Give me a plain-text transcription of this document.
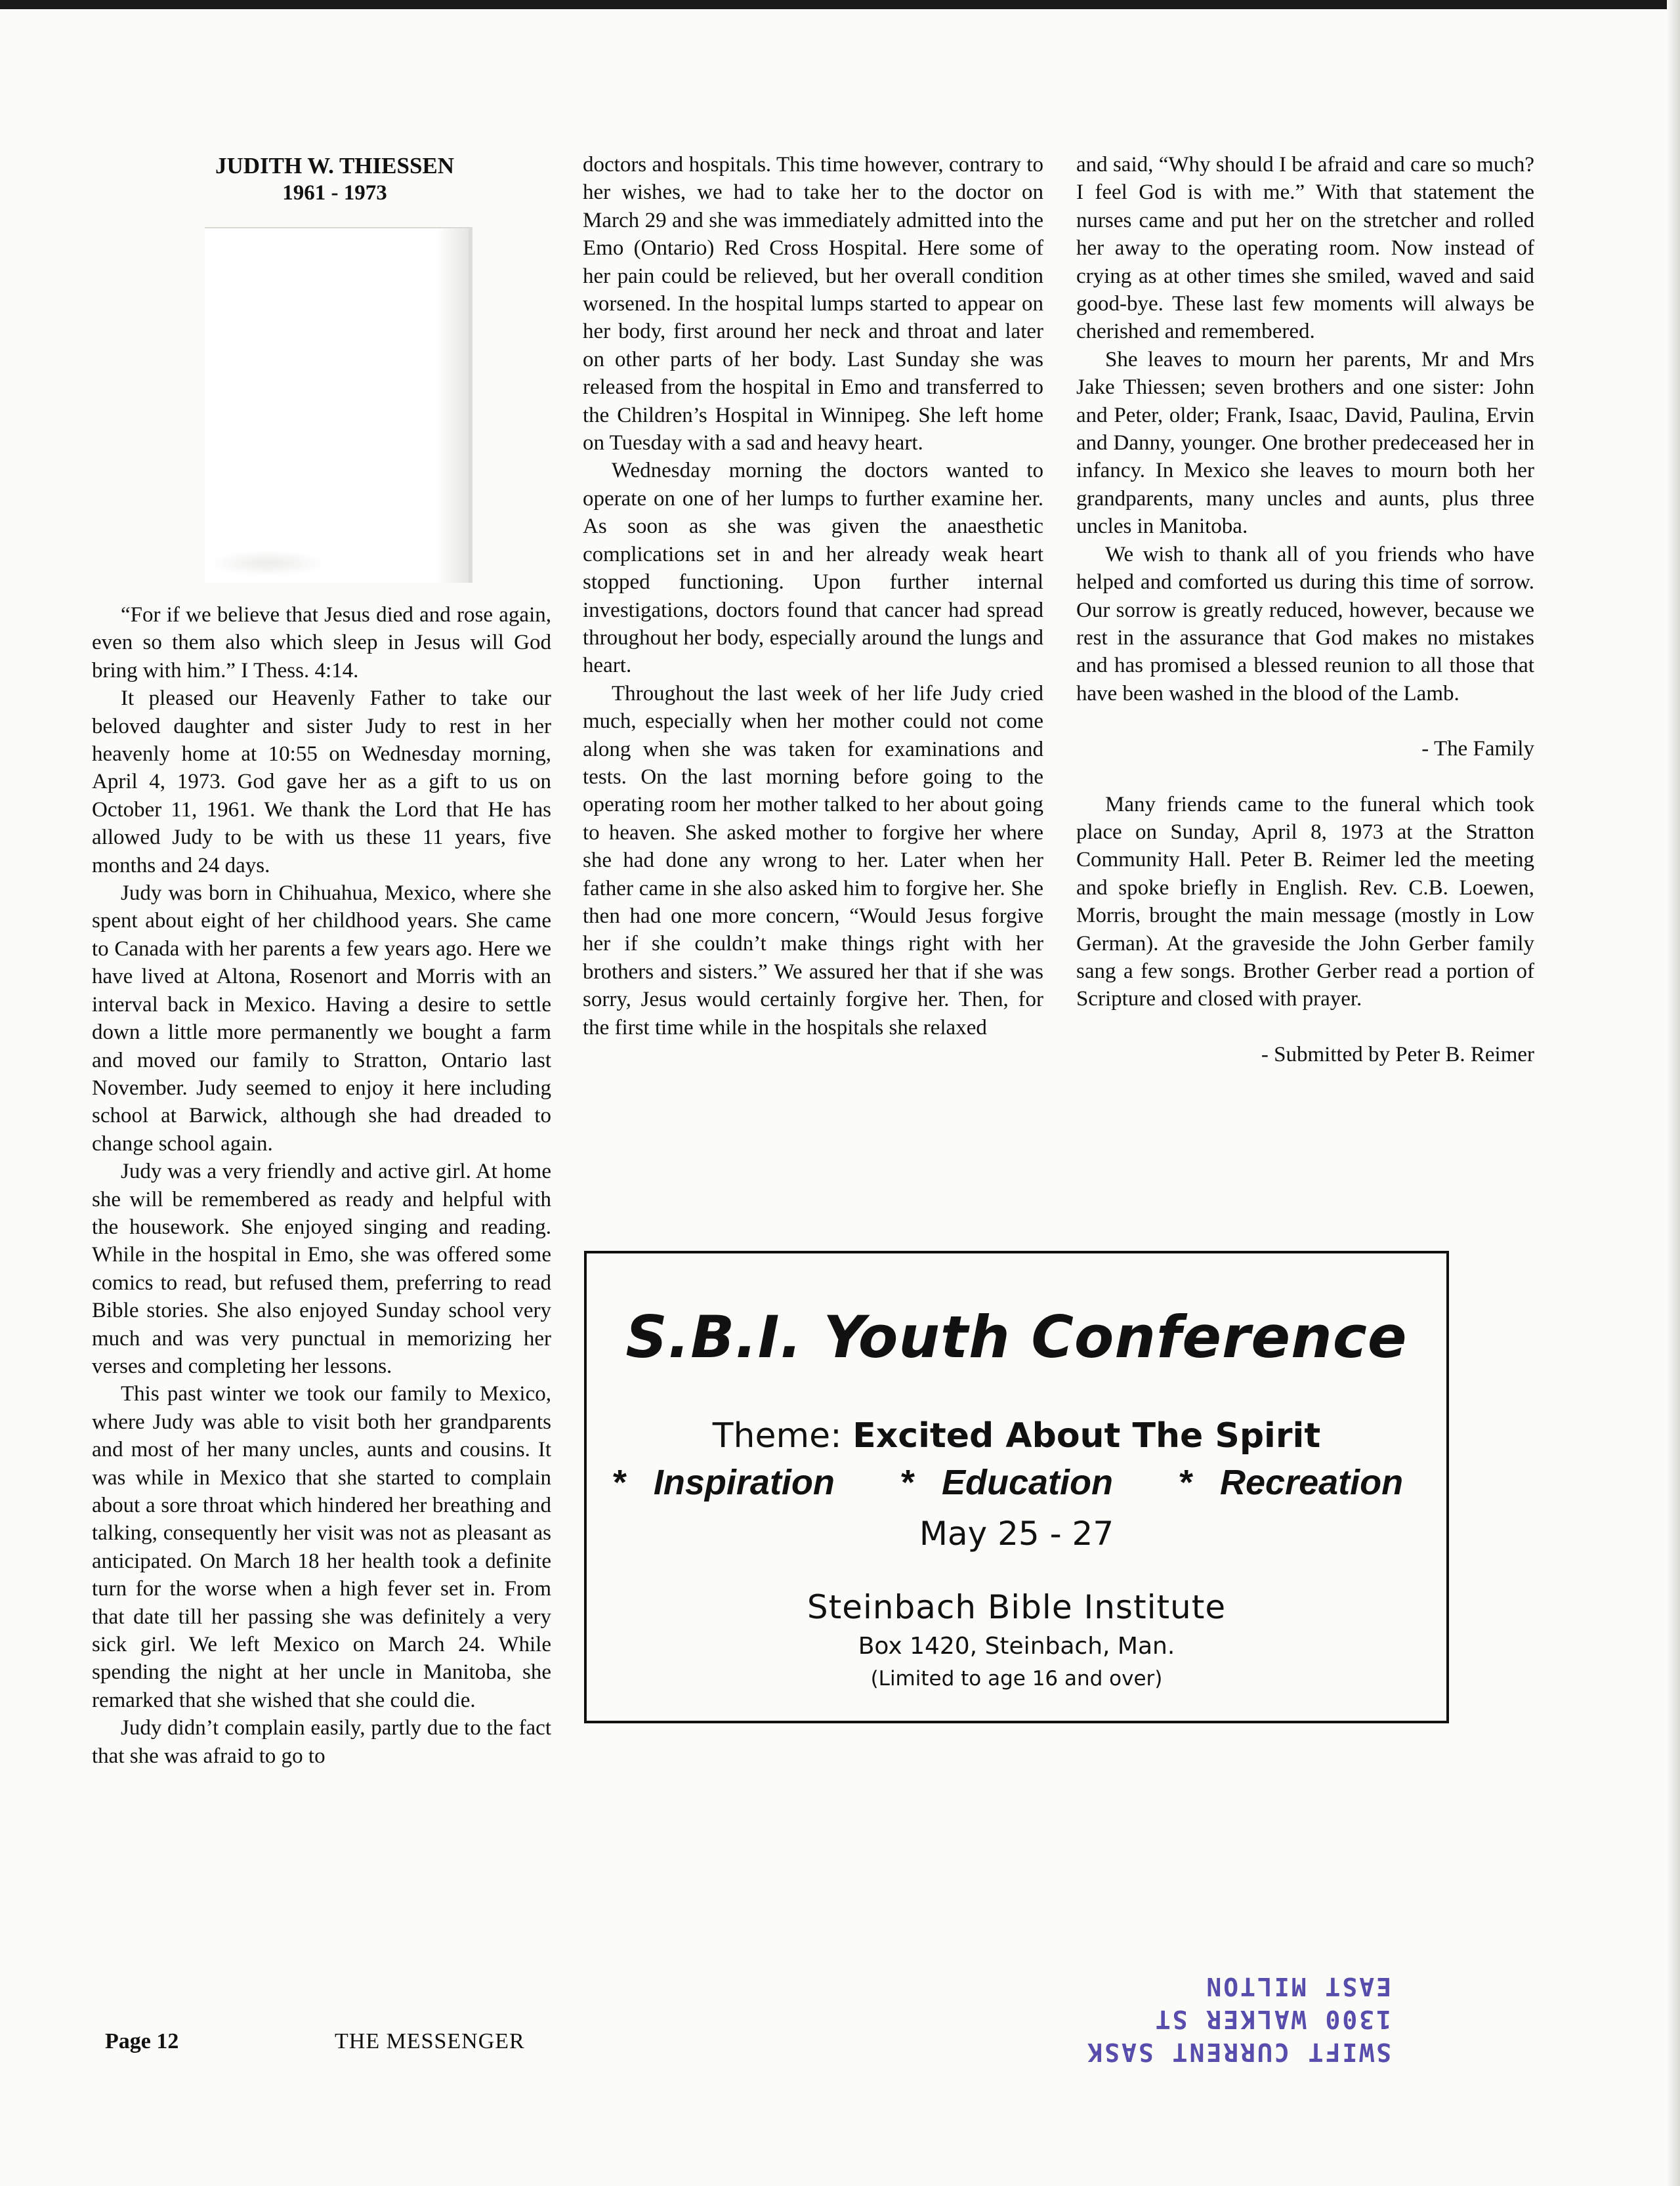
JUDITH W. THIESSEN
1961 - 1973

“For if we believe that Jesus died and rose again, even so them also which sleep in Jesus will God bring with him.” I Thess. 4:14.

It pleased our Heavenly Father to take our beloved daughter and sister Judy to rest in her heavenly home at 10:55 on Wednesday morning, April 4, 1973. God gave her as a gift to us on October 11, 1961. We thank the Lord that He has allowed Judy to be with us these 11 years, five months and 24 days.

Judy was born in Chihuahua, Mexico, where she spent about eight of her childhood years. She came to Canada with her parents a few years ago. Here we have lived at Altona, Rosenort and Morris with an interval back in Mexico. Having a desire to settle down a little more permanently we bought a farm and moved our family to Stratton, Ontario last November. Judy seemed to enjoy it here including school at Barwick, although she had dreaded to change school again.

Judy was a very friendly and active girl. At home she will be remembered as ready and helpful with the housework. She enjoyed singing and reading. While in the hospital in Emo, she was offered some comics to read, but refused them, preferring to read Bible stories. She also enjoyed Sunday school very much and was very punctual in memorizing her verses and completing her lessons.

This past winter we took our family to Mexico, where Judy was able to visit both her grandparents and most of her many uncles, aunts and cousins. It was while in Mexico that she started to complain about a sore throat which hindered her breathing and talking, consequently her visit was not as pleasant as anticipated. On March 18 her health took a definite turn for the worse when a high fever set in. From that date till her passing she was definitely a very sick girl. We left Mexico on March 24. While spending the night at her uncle in Manitoba, she remarked that she wished that she could die.

Judy didn’t complain easily, partly due to the fact that she was afraid to go to

doctors and hospitals. This time however, contrary to her wishes, we had to take her to the doctor on March 29 and she was immediately admitted into the Emo (Ontario) Red Cross Hospital. Here some of her pain could be relieved, but her overall condition worsened. In the hospital lumps started to appear on her body, first around her neck and throat and later on other parts of her body. Last Sunday she was released from the hospital in Emo and transferred to the Children’s Hospital in Winnipeg. She left home on Tuesday with a sad and heavy heart.

Wednesday morning the doctors wanted to operate on one of her lumps to further examine her. As soon as she was given the anaesthetic complications set in and her already weak heart stopped functioning. Upon further internal investigations, doctors found that cancer had spread throughout her body, especially around the lungs and heart.

Throughout the last week of her life Judy cried much, especially when her mother could not come along when she was taken for examinations and tests. On the last morning before going to the operating room her mother talked to her about going to heaven. She asked mother to forgive her where she had done any wrong to her. Later when her father came in she also asked him to forgive her. She then had one more concern, “Would Jesus forgive her if she couldn’t make things right with her brothers and sisters.” We assured her that if she was sorry, Jesus would certainly forgive her. Then, for the first time while in the hospitals she relaxed

and said, “Why should I be afraid and care so much? I feel God is with me.” With that statement the nurses came and put her on the stretcher and rolled her away to the operating room. Now instead of crying as at other times she smiled, waved and said good-bye. These last few moments will always be cherished and remembered.

She leaves to mourn her parents, Mr and Mrs Jake Thiessen; seven brothers and one sister: John and Peter, older; Frank, Isaac, David, Paulina, Ervin and Danny, younger. One brother predeceased her in infancy. In Mexico she leaves to mourn both her grandparents, many uncles and aunts, plus three uncles in Manitoba.

We wish to thank all of you friends who have helped and comforted us during this time of sorrow. Our sorrow is greatly reduced, however, because we rest in the assurance that God makes no mistakes and has promised a blessed reunion to all those that have been washed in the blood of the Lamb.

- The Family

Many friends came to the funeral which took place on Sunday, April 8, 1973 at the Stratton Community Hall. Peter B. Reimer led the meeting and spoke briefly in English. Rev. C.B. Loewen, Morris, brought the main message (mostly in Low German). At the graveside the John Gerber family sang a few songs. Brother Gerber read a portion of Scripture and closed with prayer.

- Submitted by Peter B. Reimer

S.B.I. Youth Conference
Theme: Excited About The Spirit
* Inspiration * Education * Recreation
May 25 - 27
Steinbach Bible Institute
Box 1420, Steinbach, Man.
(Limited to age 16 and over)
Page 12	THE MESSENGER	SWIFT CURRENT SASK
1300 WALKER ST
EAST MILTON
